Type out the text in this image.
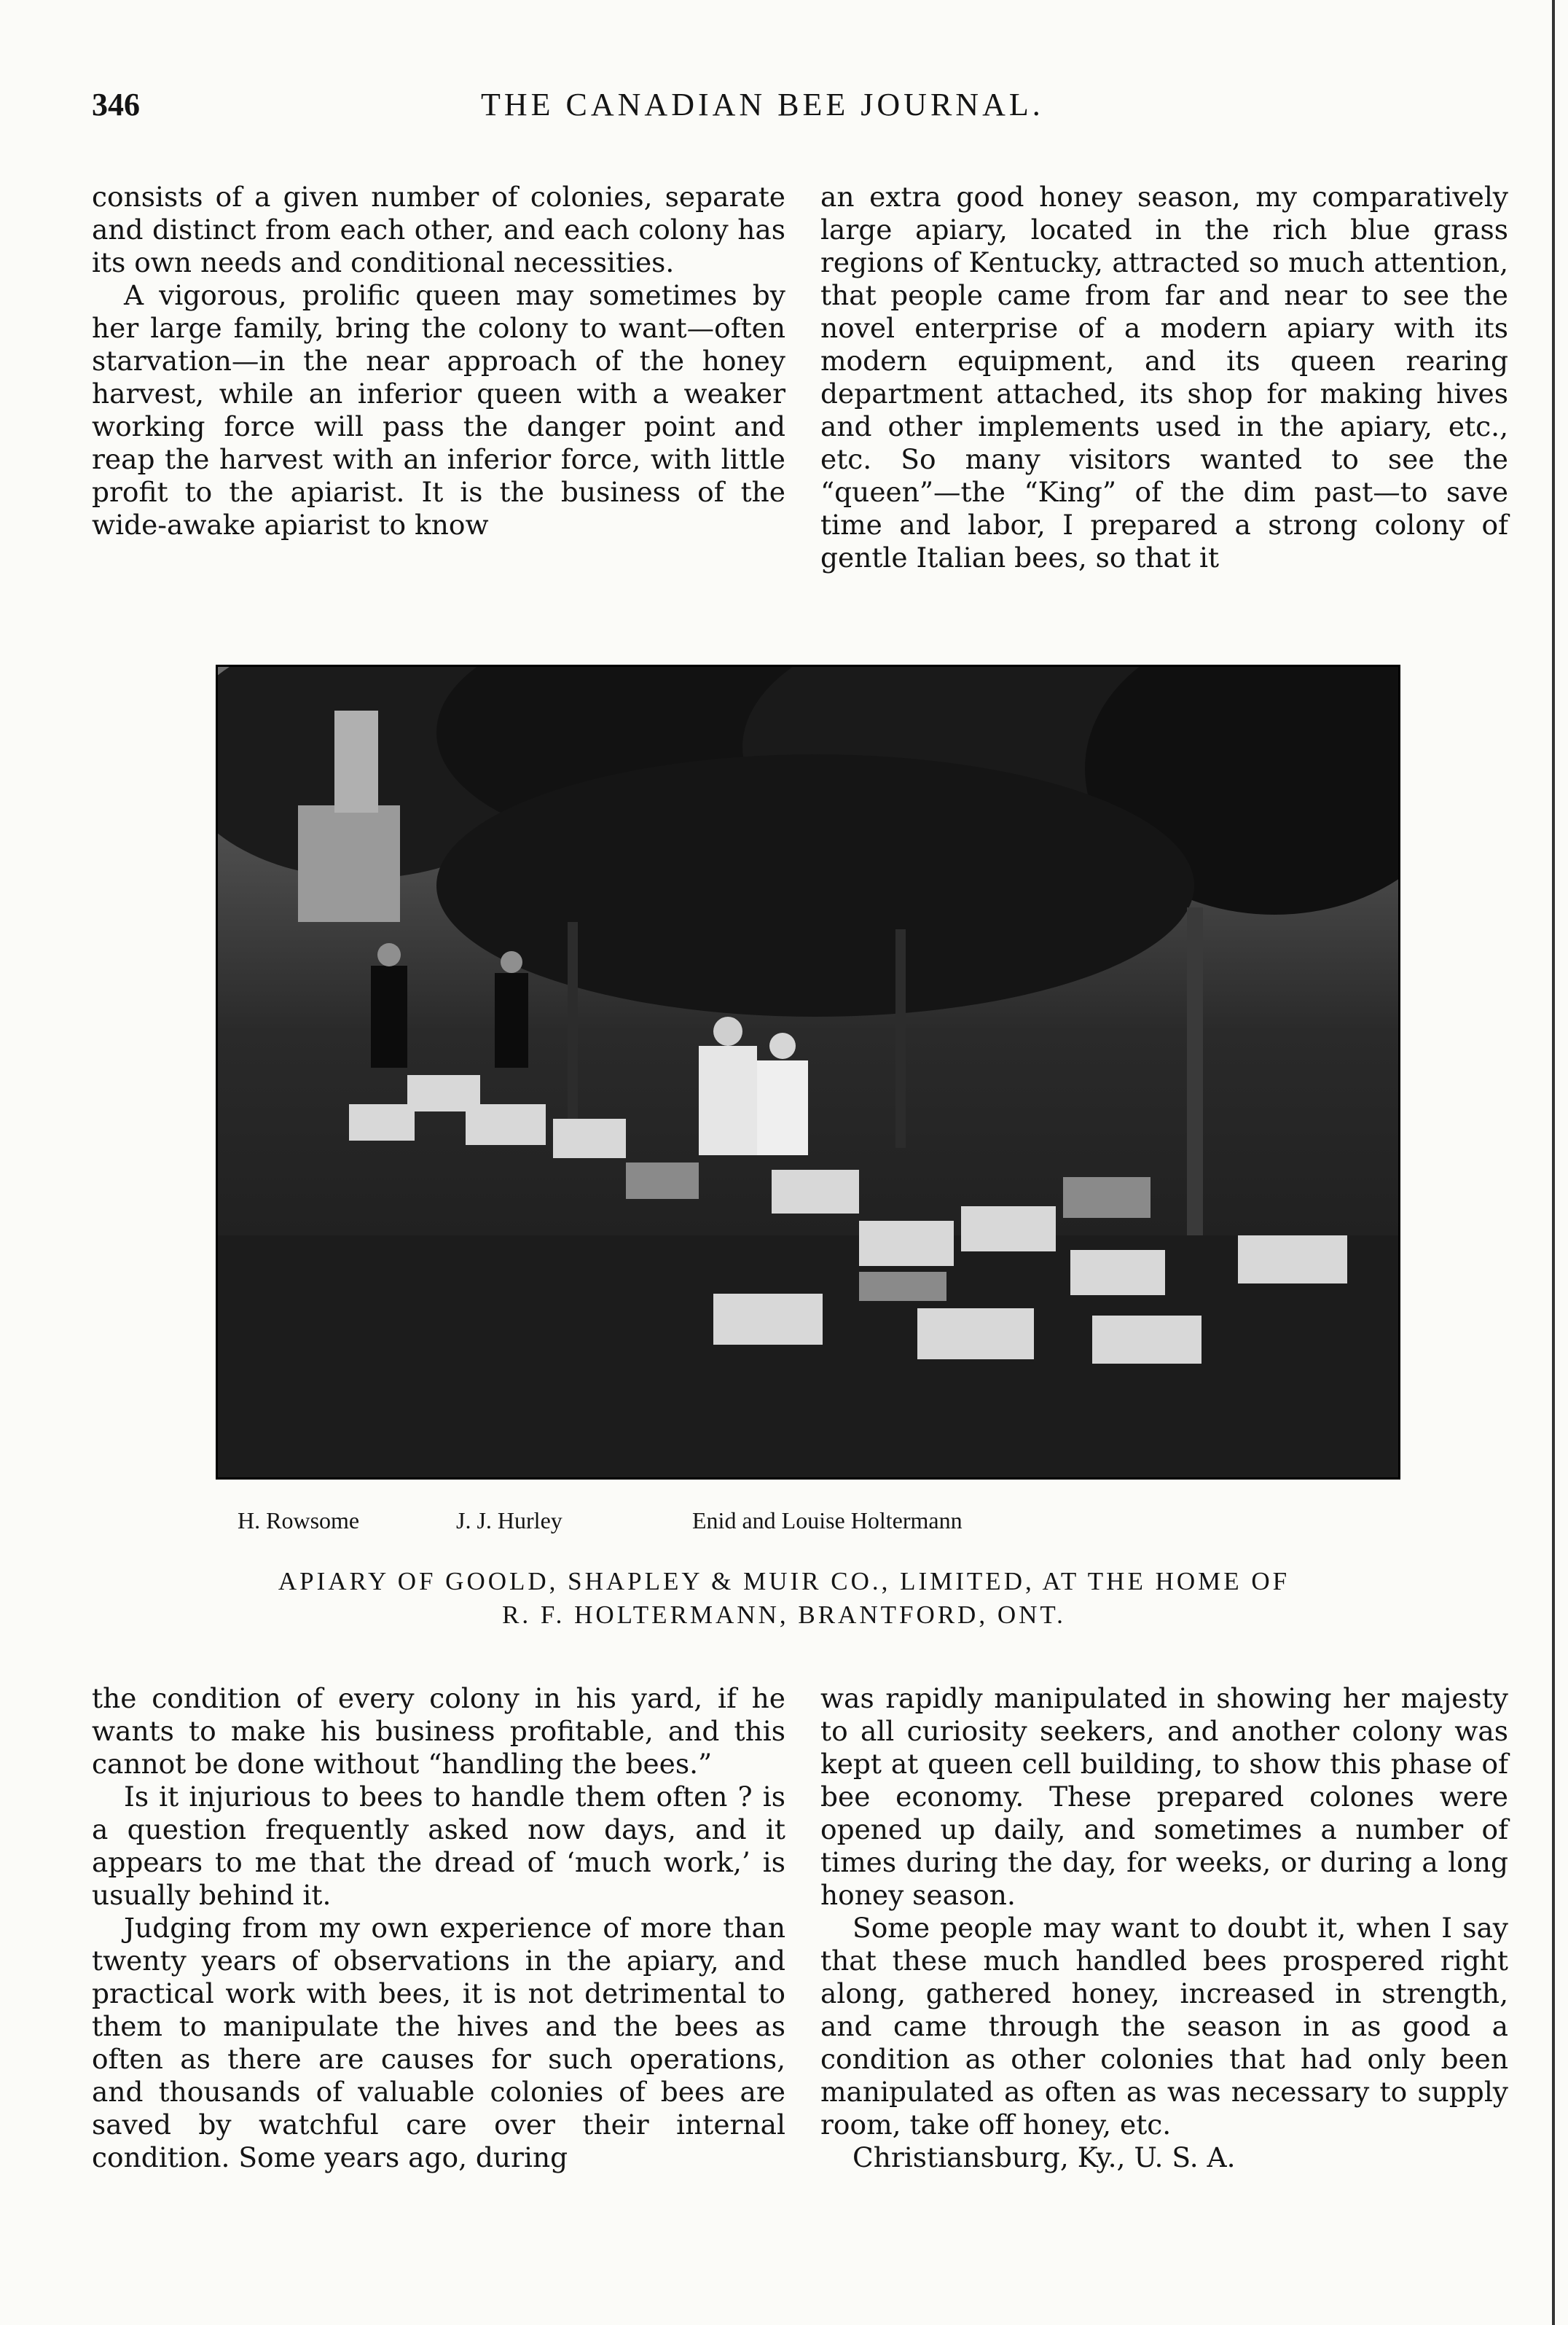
346	THE CANADIAN BEE JOURNAL.

consists of a given number of colonies, separate and distinct from each other, and each colony has its own needs and conditional necessities.

A vigorous, prolific queen may sometimes by her large family, bring the colony to want—often starvation—in the near approach of the honey harvest, while an inferior queen with a weaker working force will pass the danger point and reap the harvest with an inferior force, with little profit to the apiarist. It is the business of the wide-awake apiarist to know

an extra good honey season, my comparatively large apiary, located in the rich blue grass regions of Kentucky, attracted so much attention, that people came from far and near to see the novel enterprise of a modern apiary with its modern equipment, and its queen rearing department attached, its shop for making hives and other implements used in the apiary, etc., etc. So many visitors wanted to see the “queen”—the “King” of the dim past—to save time and labor, I prepared a strong colony of gentle Italian bees, so that it

H. Rowsome	J. J. Hurley	Enid and Louise Holtermann
APIARY OF GOOLD, SHAPLEY & MUIR CO., LIMITED, AT THE HOME OF
R. F. HOLTERMANN, BRANTFORD, ONT.

the condition of every colony in his yard, if he wants to make his business profitable, and this cannot be done without “handling the bees.”

Is it injurious to bees to handle them often ? is a question frequently asked now days, and it appears to me that the dread of ‘much work,’ is usually behind it.

Judging from my own experience of more than twenty years of observations in the apiary, and practical work with bees, it is not detrimental to them to manipulate the hives and the bees as often as there are causes for such operations, and thousands of valuable colonies of bees are saved by watchful care over their internal condition. Some years ago, during

was rapidly manipulated in showing her majesty to all curiosity seekers, and another colony was kept at queen cell building, to show this phase of bee economy. These prepared colones were opened up daily, and sometimes a number of times during the day, for weeks, or during a long honey season.

Some people may want to doubt it, when I say that these much handled bees prospered right along, gathered honey, increased in strength, and came through the season in as good a condition as other colonies that had only been manipulated as often as was necessary to supply room, take off honey, etc.

Christiansburg, Ky., U. S. A.
